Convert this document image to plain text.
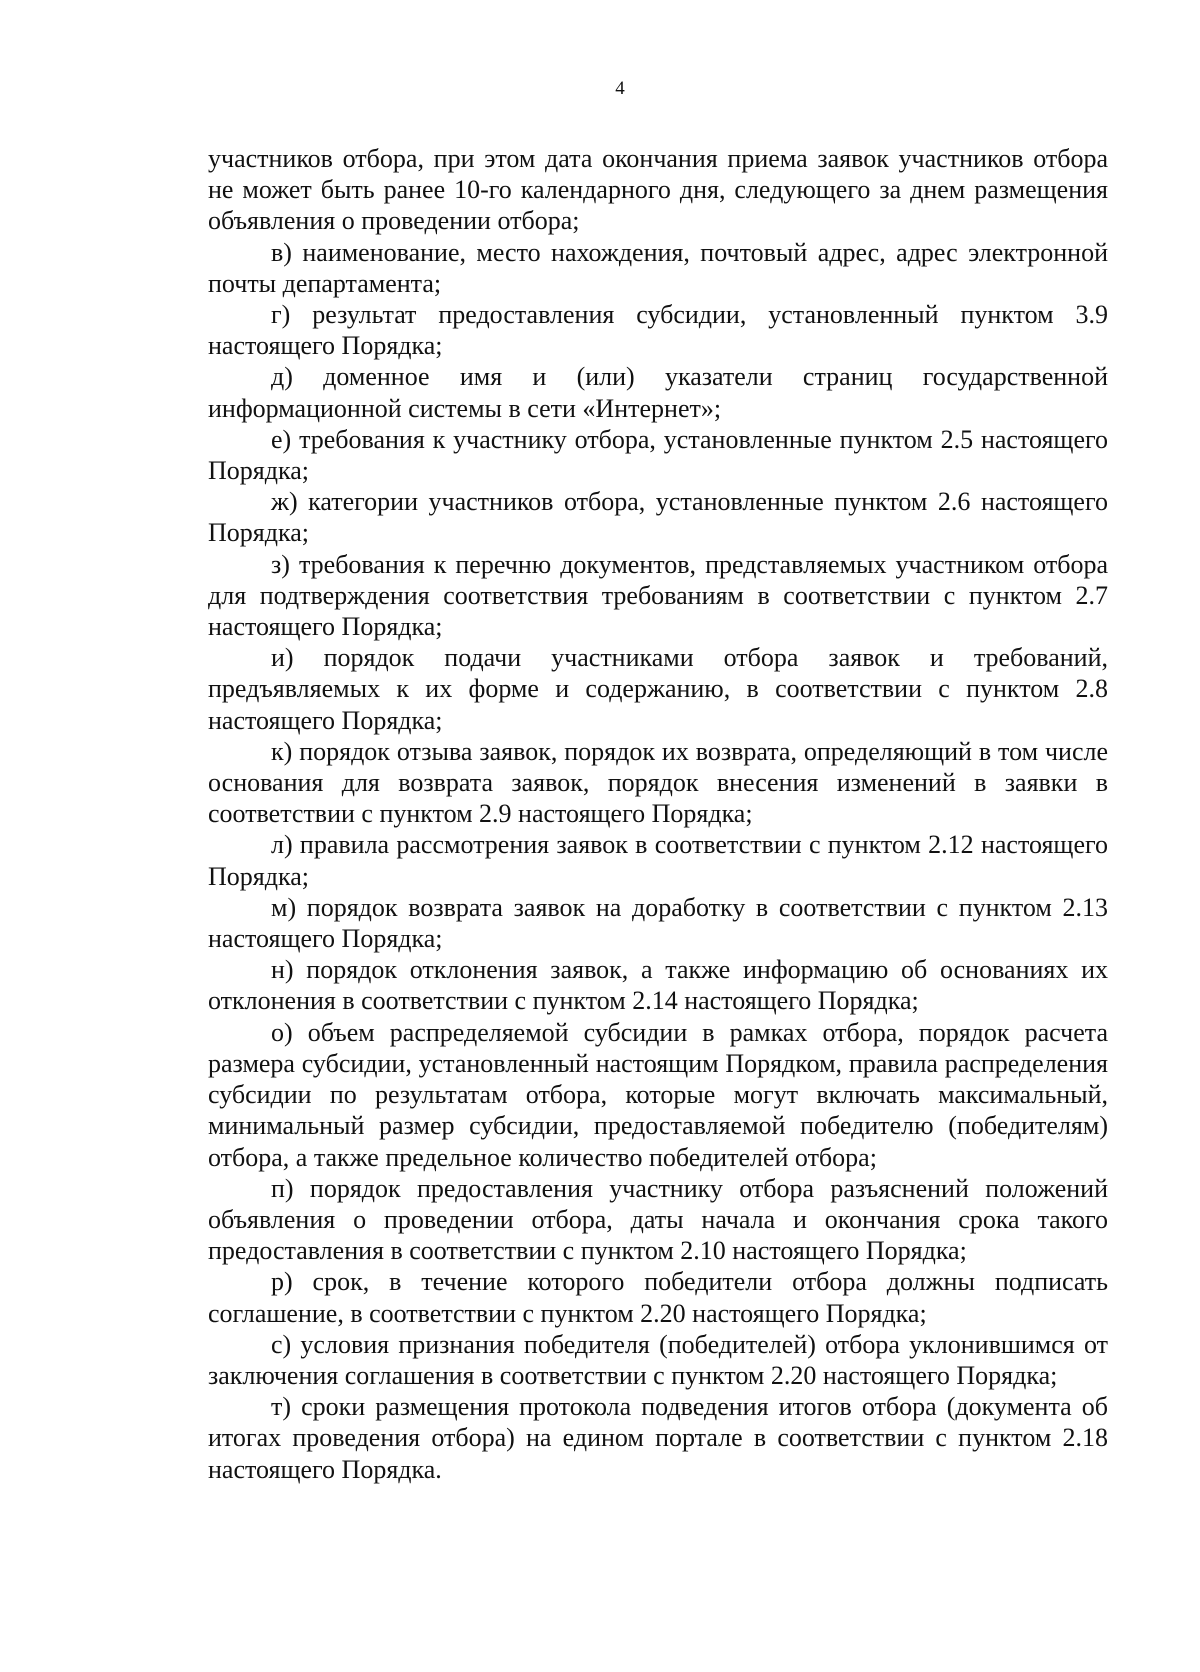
4

участников отбора, при этом дата окончания приема заявок участников отбора не может быть ранее 10-го календарного дня, следующего за днем размещения объявления о проведении отбора;

в) наименование, место нахождения, почтовый адрес, адрес электронной почты департамента;

г) результат предоставления субсидии, установленный пунктом 3.9 настоящего Порядка;

д) доменное имя и (или) указатели страниц государственной информационной системы в сети «Интернет»;

е) требования к участнику отбора, установленные пунктом 2.5 настоящего Порядка;

ж) категории участников отбора, установленные пунктом 2.6 настоящего Порядка;

з) требования к перечню документов, представляемых участником отбора для подтверждения соответствия требованиям в соответствии с пунктом 2.7 настоящего Порядка;

и) порядок подачи участниками отбора заявок и требований, предъявляемых к их форме и содержанию, в соответствии с пунктом 2.8 настоящего Порядка;

к) порядок отзыва заявок, порядок их возврата, определяющий в том числе основания для возврата заявок, порядок внесения изменений в заявки в соответствии с пунктом 2.9 настоящего Порядка;

л) правила рассмотрения заявок в соответствии с пунктом 2.12 настоящего Порядка;

м) порядок возврата заявок на доработку в соответствии с пунктом 2.13 настоящего Порядка;

н) порядок отклонения заявок, а также информацию об основаниях их отклонения в соответствии с пунктом 2.14 настоящего Порядка;

о) объем распределяемой субсидии в рамках отбора, порядок расчета размера субсидии, установленный настоящим Порядком, правила распределения субсидии по результатам отбора, которые могут включать максимальный, минимальный размер субсидии, предоставляемой победителю (победителям) отбора, а также предельное количество победителей отбора;

п) порядок предоставления участнику отбора разъяснений положений объявления о проведении отбора, даты начала и окончания срока такого предоставления в соответствии с пунктом 2.10 настоящего Порядка;

р) срок, в течение которого победители отбора должны подписать соглашение, в соответствии с пунктом 2.20 настоящего Порядка;

с) условия признания победителя (победителей) отбора уклонившимся от заключения соглашения в соответствии с пунктом 2.20 настоящего Порядка;

т) сроки размещения протокола подведения итогов отбора (документа об итогах проведения отбора) на едином портале в соответствии с пунктом 2.18 настоящего Порядка.
